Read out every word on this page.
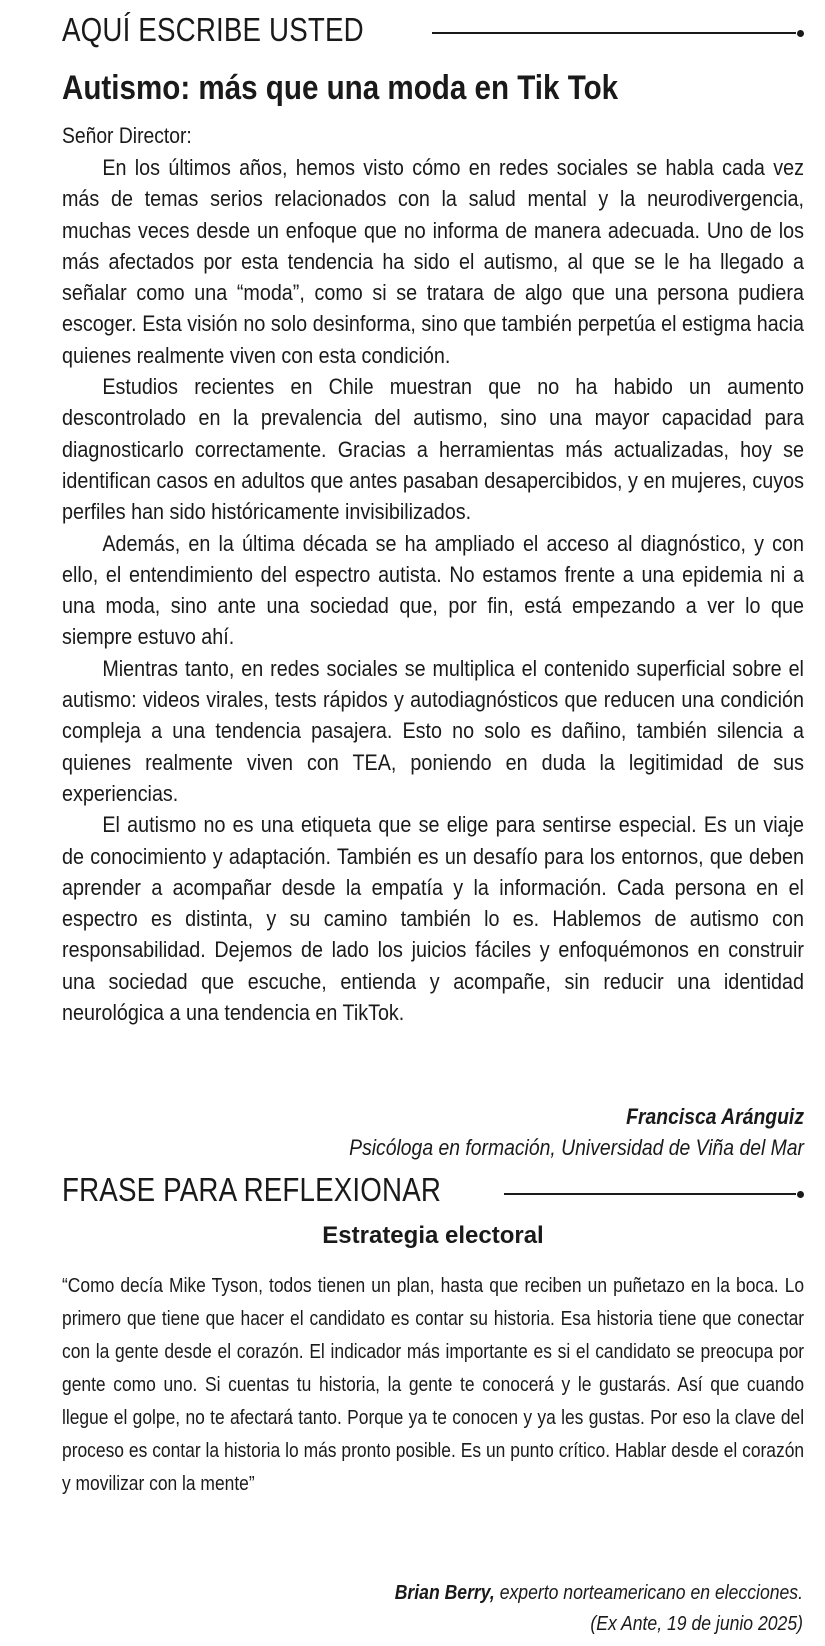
AQUÍ ESCRIBE USTED
Autismo: más que una moda en Tik Tok
Señor Director:

En los últimos años, hemos visto cómo en redes sociales se habla cada vez más de temas serios relacionados con la salud mental y la neurodivergencia, muchas veces desde un enfoque que no informa de manera adecuada. Uno de los más afectados por esta tendencia ha sido el autismo, al que se le ha llegado a señalar como una “moda”, como si se tratara de algo que una persona pudiera escoger. Esta visión no solo desinforma, sino que también perpetúa el estigma hacia quienes realmente viven con esta condición.

Estudios recientes en Chile muestran que no ha habido un aumento descontrolado en la prevalencia del autismo, sino una mayor capacidad para diagnosticarlo correctamente. Gracias a herramientas más actualizadas, hoy se identifican casos en adultos que antes pasaban desapercibidos, y en mujeres, cuyos perfiles han sido históricamente invisibilizados.

Además, en la última década se ha ampliado el acceso al diagnóstico, y con ello, el entendimiento del espectro autista. No estamos frente a una epidemia ni a una moda, sino ante una sociedad que, por fin, está empezando a ver lo que siempre estuvo ahí.

Mientras tanto, en redes sociales se multiplica el contenido superficial sobre el autismo: videos virales, tests rápidos y autodiagnósticos que reducen una condición compleja a una tendencia pasajera. Esto no solo es dañino, también silencia a quienes realmente viven con TEA, poniendo en duda la legitimidad de sus experiencias.

El autismo no es una etiqueta que se elige para sentirse especial. Es un viaje de conocimiento y adaptación. También es un desafío para los entornos, que deben aprender a acompañar desde la empatía y la información. Cada persona en el espectro es distinta, y su camino también lo es. Hablemos de autismo con responsabilidad. Dejemos de lado los juicios fáciles y enfoquémonos en construir una sociedad que escuche, entienda y acompañe, sin reducir una identidad neurológica a una tendencia en TikTok.

Francisca Aránguiz
Psicóloga en formación, Universidad de Viña del Mar
FRASE PARA REFLEXIONAR
Estrategia electoral

“Como decía Mike Tyson, todos tienen un plan, hasta que reciben un puñetazo en la boca. Lo primero que tiene que hacer el candidato es contar su historia. Esa historia tiene que conectar con la gente desde el corazón. El indicador más importante es si el candidato se preocupa por gente como uno. Si cuentas tu historia, la gente te conocerá y le gustarás. Así que cuando llegue el golpe, no te afectará tanto. Porque ya te conocen y ya les gustas. Por eso la clave del proceso es contar la historia lo más pronto posible. Es un punto crítico. Hablar desde el corazón y movilizar con la mente”

Brian Berry, experto norteamericano en elecciones.
(Ex Ante, 19 de junio 2025)
